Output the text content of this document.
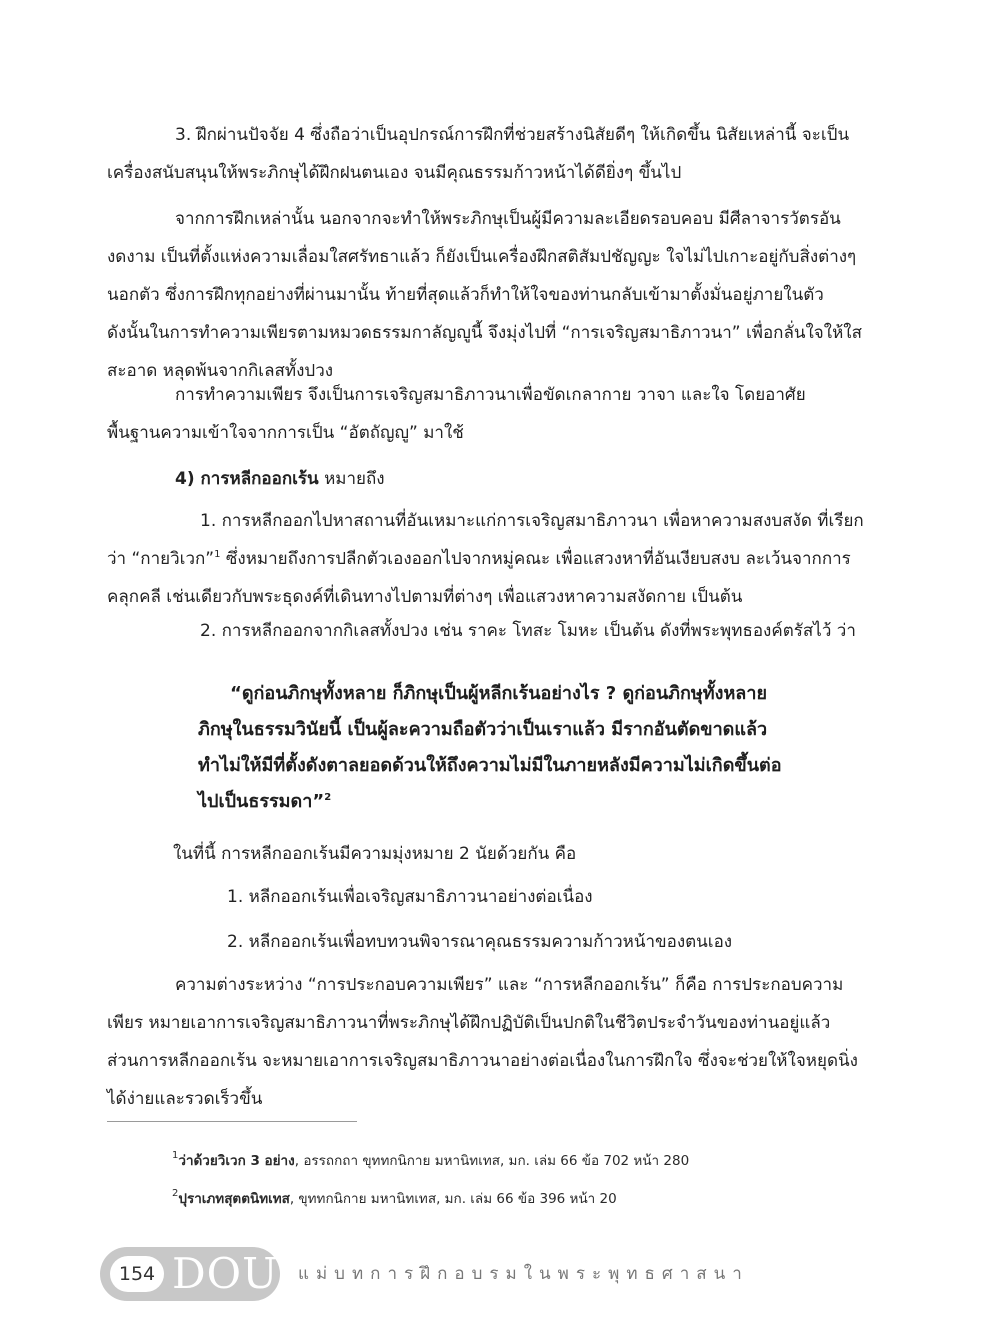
3. ฝึกผ่านปัจจัย 4 ซึ่งถือว่าเป็นอุปกรณ์การฝึกที่ช่วยสร้างนิสัยดีๆ ให้เกิดขึ้น นิสัยเหล่านี้ จะเป็น
เครื่องสนับสนุนให้พระภิกษุได้ฝึกฝนตนเอง จนมีคุณธรรมก้าวหน้าได้ดียิ่งๆ ขึ้นไป
จากการฝึกเหล่านั้น นอกจากจะทำให้พระภิกษุเป็นผู้มีความละเอียดรอบคอบ มีศีลาจารวัตรอัน
งดงาม เป็นที่ตั้งแห่งความเลื่อมใสศรัทธาแล้ว ก็ยังเป็นเครื่องฝึกสติสัมปชัญญะ ใจไม่ไปเกาะอยู่กับสิ่งต่างๆ
นอกตัว ซึ่งการฝึกทุกอย่างที่ผ่านมานั้น ท้ายที่สุดแล้วก็ทำให้ใจของท่านกลับเข้ามาตั้งมั่นอยู่ภายในตัว
ดังนั้นในการทำความเพียรตามหมวดธรรมกาลัญญูนี้ จึงมุ่งไปที่ “การเจริญสมาธิภาวนา” เพื่อกลั่นใจให้ใส
สะอาด หลุดพ้นจากกิเลสทั้งปวง
การทำความเพียร จึงเป็นการเจริญสมาธิภาวนาเพื่อขัดเกลากาย วาจา และใจ โดยอาศัย
พื้นฐานความเข้าใจจากการเป็น “อัตถัญญู” มาใช้
4) การหลีกออกเร้น หมายถึง
1. การหลีกออกไปหาสถานที่อันเหมาะแก่การเจริญสมาธิภาวนา เพื่อหาความสงบสงัด ที่เรียก
ว่า “กายวิเวก”$^1$ ซึ่งหมายถึงการปลีกตัวเองออกไปจากหมู่คณะ เพื่อแสวงหาที่อันเงียบสงบ ละเว้นจากการ
คลุกคลี เช่นเดียวกับพระธุดงค์ที่เดินทางไปตามที่ต่างๆ เพื่อแสวงหาความสงัดกาย เป็นต้น
2. การหลีกออกจากกิเลสทั้งปวง เช่น ราคะ โทสะ โมหะ เป็นต้น ดังที่พระพุทธองค์ตรัสไว้ ว่า
“ดูก่อนภิกษุทั้งหลาย ก็ภิกษุเป็นผู้หลีกเร้นอย่างไร ? ดูก่อนภิกษุทั้งหลาย
ภิกษุในธรรมวินัยนี้ เป็นผู้ละความถือตัวว่าเป็นเราแล้ว มีรากอันตัดขาดแล้ว
ทำไม่ให้มีที่ตั้งดังตาลยอดด้วนให้ถึงความไม่มีในภายหลังมีความไม่เกิดขึ้นต่อ
ไปเป็นธรรมดา”$^2$
ในที่นี้ การหลีกออกเร้นมีความมุ่งหมาย 2 นัยด้วยกัน คือ
1. หลีกออกเร้นเพื่อเจริญสมาธิภาวนาอย่างต่อเนื่อง
2. หลีกออกเร้นเพื่อทบทวนพิจารณาคุณธรรมความก้าวหน้าของตนเอง
ความต่างระหว่าง “การประกอบความเพียร” และ “การหลีกออกเร้น” ก็คือ การประกอบความ
เพียร หมายเอาการเจริญสมาธิภาวนาที่พระภิกษุได้ฝึกปฏิบัติเป็นปกติในชีวิตประจำวันของท่านอยู่แล้ว
ส่วนการหลีกออกเร้น จะหมายเอาการเจริญสมาธิภาวนาอย่างต่อเนื่องในการฝึกใจ ซึ่งจะช่วยให้ใจหยุดนิ่ง
ได้ง่ายและรวดเร็วขึ้น
$^1$ว่าด้วยวิเวก 3 อย่าง, อรรถกถา ขุททกนิกาย มหานิทเทส, มก. เล่ม 66 ข้อ 702 หน้า 280
$^2$ปุราเภทสุตตนิทเทส, ขุททกนิกาย มหานิทเทส, มก. เล่ม 66 ข้อ 396 หน้า 20
154 DOU แม่บทการฝึกอบรมในพระพุทธศาสนา
